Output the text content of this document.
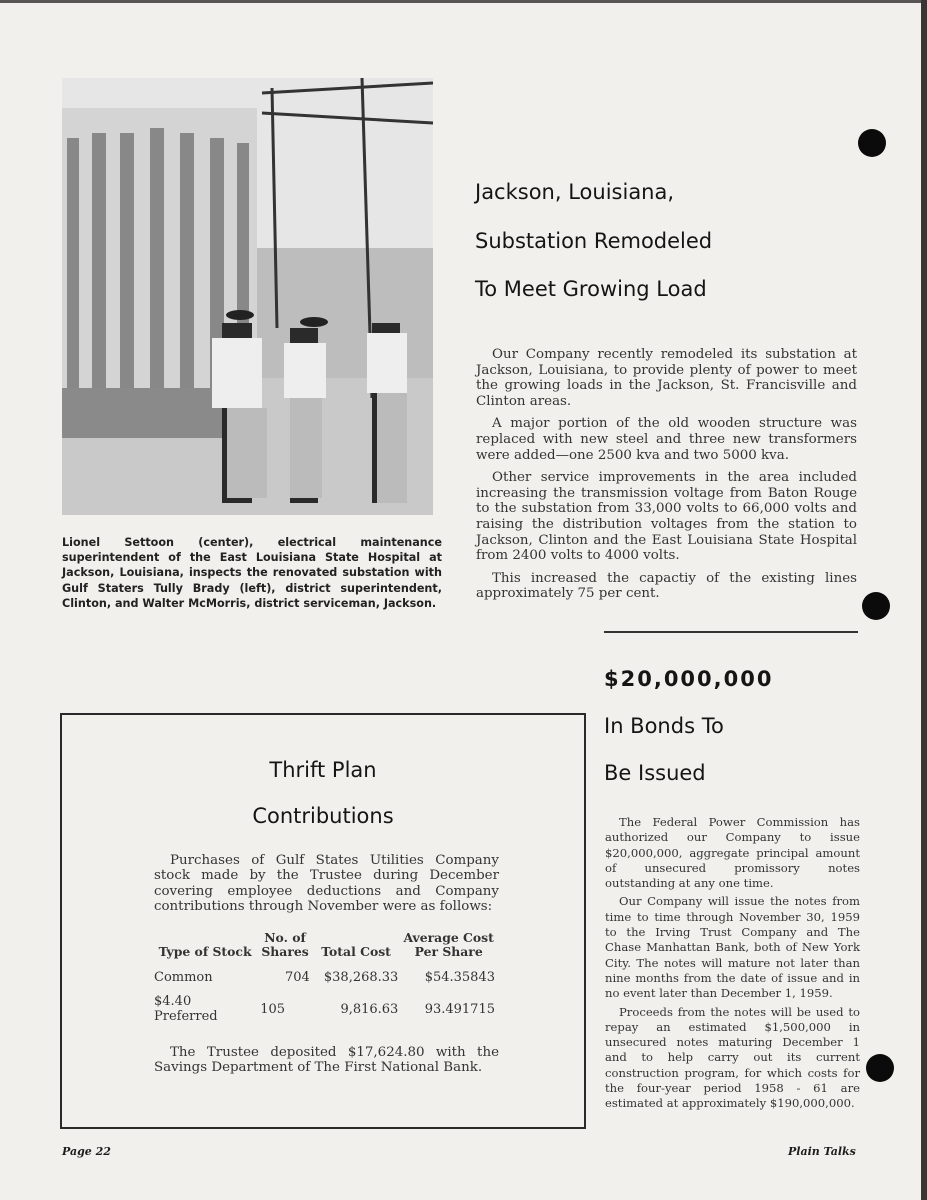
Lionel Settoon (center), electrical maintenance superintendent of the East Louisiana State Hospital at Jackson, Louisiana, inspects the renovated substation with Gulf Staters Tully Brady (left), district superintendent, Clinton, and Walter McMorris, district serviceman, Jackson.
Jackson, Louisiana,
Substation Remodeled
To Meet Growing Load

Our Company recently remodeled its substation at Jackson, Louisiana, to provide plenty of power to meet the growing loads in the Jackson, St. Francisville and Clinton areas.

A major portion of the old wooden structure was replaced with new steel and three new transformers were added—one 2500 kva and two 5000 kva.

Other service improvements in the area included increasing the transmission voltage from Baton Rouge to the substation from 33,000 volts to 66,000 volts and raising the distribution voltages from the station to Jackson, Clinton and the East Louisiana State Hospital from 2400 volts to 4000 volts.

This increased the capactiy of the existing lines approximately 75 per cent.

$20,000,000
In Bonds To
Be Issued

The Federal Power Commission has authorized our Company to issue $20,000,000, aggregate principal amount of unsecured promissory notes outstanding at any one time.

Our Company will issue the notes from time to time through November 30, 1959 to the Irving Trust Company and The Chase Manhattan Bank, both of New York City. The notes will mature not later than nine months from the date of issue and in no event later than December 1, 1959.

Proceeds from the notes will be used to repay an estimated $1,500,000 in unsecured notes maturing December 1 and to help carry out its current construction program, for which costs for the four-year period 1958 - 61 are estimated at approximately $190,000,000.

Thrift Plan
Contributions

Purchases of Gulf States Utilities Company stock made by the Trustee during December covering employee deductions and Company contributions through November were as follows:

Type of Stock	No. of Shares	Total Cost	Average Cost Per Share
Common	704	$38,268.33	$54.35843
$4.40 Preferred	105	9,816.63	93.491715

The Trustee deposited $17,624.80 with the Savings Department of The First National Bank.

Page 22	Plain Talks
